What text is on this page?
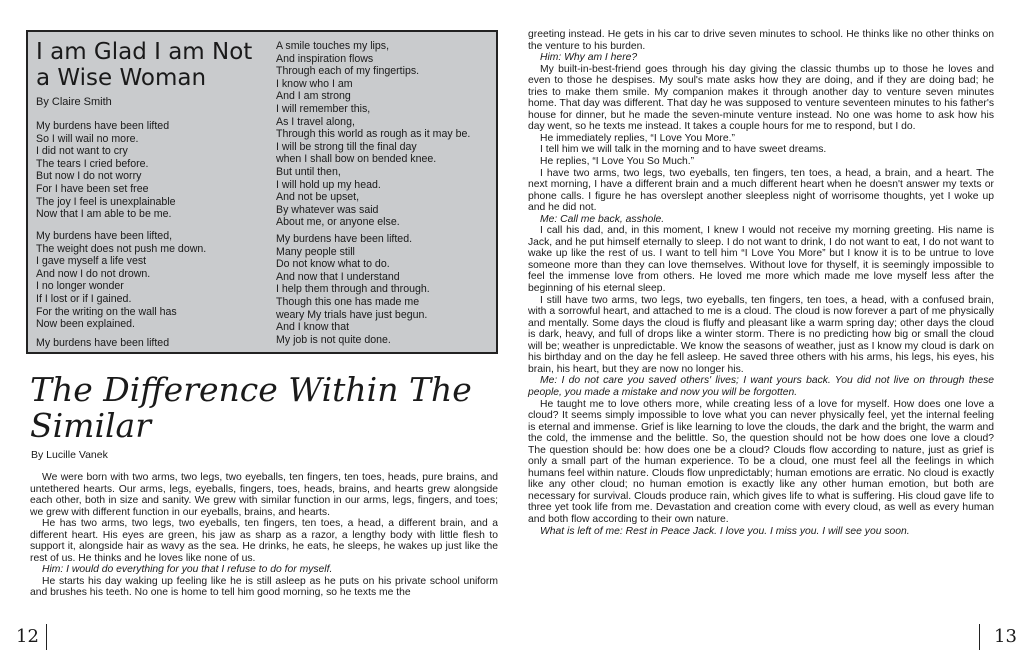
I am Glad I am Not a Wise Woman

By Claire Smith

My burdens have been lifted
So I will wail no more.
I did not want to cry
The tears I cried before.
But now I do not worry
For I have been set free
The joy I feel is unexplainable
Now that I am able to be me.
My burdens have been lifted,
The weight does not push me down.
I gave myself a life vest
And now I do not drown.
I no longer wonder
If I lost or if I gained.
For the writing on the wall has
Now been explained.
My burdens have been lifted
A smile touches my lips,
And inspiration flows
Through each of my fingertips.
I know who I am
And I am strong
I will remember this,
As I travel along,
Through this world as rough as it may be.
I will be strong till the final day
when I shall bow on bended knee.
But until then,
I will hold up my head.
And not be upset,
By whatever was said
About me, or anyone else.
My burdens have been lifted.
Many people still
Do not know what to do.
And now that I understand
I help them through and through.
Though this one has made me
weary My trials have just begun.
And I know that
My job is not quite done.
The Difference Within The Similar

By Lucille Vanek

We were born with two arms, two legs, two eyeballs, ten fingers, ten toes, heads, pure brains, and untethered hearts. Our arms, legs, eyeballs, fingers, toes, heads, brains, and hearts grew alongside each other, both in size and sanity. We grew with similar function in our arms, legs, fingers, and toes; we grew with different function in our eyeballs, brains, and hearts.

He has two arms, two legs, two eyeballs, ten fingers, ten toes, a head, a different brain, and a different heart. His eyes are green, his jaw as sharp as a razor, a lengthy body with little flesh to support it, alongside hair as wavy as the sea. He drinks, he eats, he sleeps, he wakes up just like the rest of us. He thinks and he loves like none of us.

Him: I would do everything for you that I refuse to do for myself.

He starts his day waking up feeling like he is still asleep as he puts on his private school uniform and brushes his teeth. No one is home to tell him good morning, so he texts me the

greeting instead. He gets in his car to drive seven minutes to school. He thinks like no other thinks on the venture to his burden.

Him: Why am I here?

My built-in-best-friend goes through his day giving the classic thumbs up to those he loves and even to those he despises. My soul's mate asks how they are doing, and if they are doing bad; he tries to make them smile. My companion makes it through another day to venture seven minutes home. That day was different. That day he was supposed to venture seventeen minutes to his father's house for dinner, but he made the seven-minute venture instead. No one was home to ask how his day went, so he texts me instead. It takes a couple hours for me to respond, but I do.

He immediately replies, “I Love You More.”

I tell him we will talk in the morning and to have sweet dreams.

He replies, “I Love You So Much.”

I have two arms, two legs, two eyeballs, ten fingers, ten toes, a head, a brain, and a heart. The next morning, I have a different brain and a much different heart when he doesn't answer my texts or phone calls. I figure he has overslept another sleepless night of worrisome thoughts, yet I woke up and he did not.

Me: Call me back, asshole.

I call his dad, and, in this moment, I knew I would not receive my morning greeting. His name is Jack, and he put himself eternally to sleep. I do not want to drink, I do not want to eat, I do not want to wake up like the rest of us. I want to tell him “I Love You More” but I know it is to be untrue to love someone more than they can love themselves. Without love for thyself, it is seemingly impossible to feel the immense love from others. He loved me more which made me love myself less after the beginning of his eternal sleep.

I still have two arms, two legs, two eyeballs, ten fingers, ten toes, a head, with a confused brain, with a sorrowful heart, and attached to me is a cloud. The cloud is now forever a part of me physically and mentally. Some days the cloud is fluffy and pleasant like a warm spring day; other days the cloud is dark, heavy, and full of drops like a winter storm. There is no predicting how big or small the cloud will be; weather is unpredictable. We know the seasons of weather, just as I know my cloud is dark on his birthday and on the day he fell asleep. He saved three others with his arms, his legs, his eyes, his brain, his heart, but they are now no longer his.

Me: I do not care you saved others' lives; I want yours back. You did not live on through these people, you made a mistake and now you will be forgotten.

He taught me to love others more, while creating less of a love for myself. How does one love a cloud? It seems simply impossible to love what you can never physically feel, yet the internal feeling is eternal and immense. Grief is like learning to love the clouds, the dark and the bright, the warm and the cold, the immense and the belittle. So, the question should not be how does one love a cloud? The question should be: how does one be a cloud? Clouds flow according to nature, just as grief is only a small part of the human experience. To be a cloud, one must feel all the feelings in which humans feel within nature. Clouds flow unpredictably; human emotions are erratic. No cloud is exactly like any other cloud; no human emotion is exactly like any other human emotion, but both are necessary for survival. Clouds produce rain, which gives life to what is suffering. His cloud gave life to three yet took life from me. Devastation and creation come with every cloud, as well as every human and both flow according to their own nature.

What is left of me: Rest in Peace Jack. I love you. I miss you. I will see you soon.

12	13
